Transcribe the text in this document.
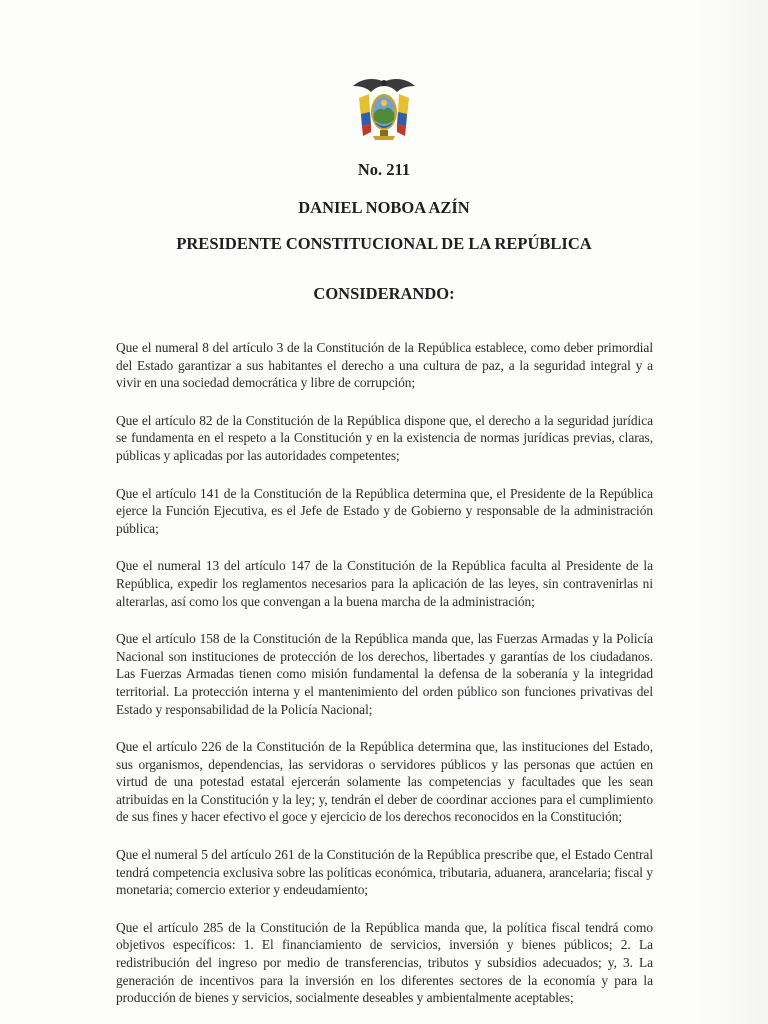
No. 211
DANIEL NOBOA AZÍN
PRESIDENTE CONSTITUCIONAL DE LA REPÚBLICA
CONSIDERANDO:

Que el numeral 8 del artículo 3 de la Constitución de la República establece, como deber primordial del Estado garantizar a sus habitantes el derecho a una cultura de paz, a la seguridad integral y a vivir en una sociedad democrática y libre de corrupción;

Que el artículo 82 de la Constitución de la República dispone que, el derecho a la seguridad jurídica se fundamenta en el respeto a la Constitución y en la existencia de normas jurídicas previas, claras, públicas y aplicadas por las autoridades competentes;

Que el artículo 141 de la Constitución de la República determina que, el Presidente de la República ejerce la Función Ejecutiva, es el Jefe de Estado y de Gobierno y responsable de la administración pública;

Que el numeral 13 del artículo 147 de la Constitución de la República faculta al Presidente de la República, expedir los reglamentos necesarios para la aplicación de las leyes, sin contravenirlas ni alterarlas, así como los que convengan a la buena marcha de la administración;

Que el artículo 158 de la Constitución de la República manda que, las Fuerzas Armadas y la Policía Nacional son instituciones de protección de los derechos, libertades y garantías de los ciudadanos. Las Fuerzas Armadas tienen como misión fundamental la defensa de la soberanía y la integridad territorial. La protección interna y el mantenimiento del orden público son funciones privativas del Estado y responsabilidad de la Policía Nacional;

Que el artículo 226 de la Constitución de la República determina que, las instituciones del Estado, sus organismos, dependencias, las servidoras o servidores públicos y las personas que actúen en virtud de una potestad estatal ejercerán solamente las competencias y facultades que les sean atribuidas en la Constitución y la ley; y, tendrán el deber de coordinar acciones para el cumplimiento de sus fines y hacer efectivo el goce y ejercicio de los derechos reconocidos en la Constitución;

Que el numeral 5 del artículo 261 de la Constitución de la República prescribe que, el Estado Central tendrá competencia exclusiva sobre las políticas económica, tributaria, aduanera, arancelaria; fiscal y monetaria; comercio exterior y endeudamiento;

Que el artículo 285 de la Constitución de la República manda que, la política fiscal tendrá como objetivos específicos: 1. El financiamiento de servicios, inversión y bienes públicos; 2. La redistribución del ingreso por medio de transferencias, tributos y subsidios adecuados; y, 3. La generación de incentivos para la inversión en los diferentes sectores de la economía y para la producción de bienes y servicios, socialmente deseables y ambientalmente aceptables;
